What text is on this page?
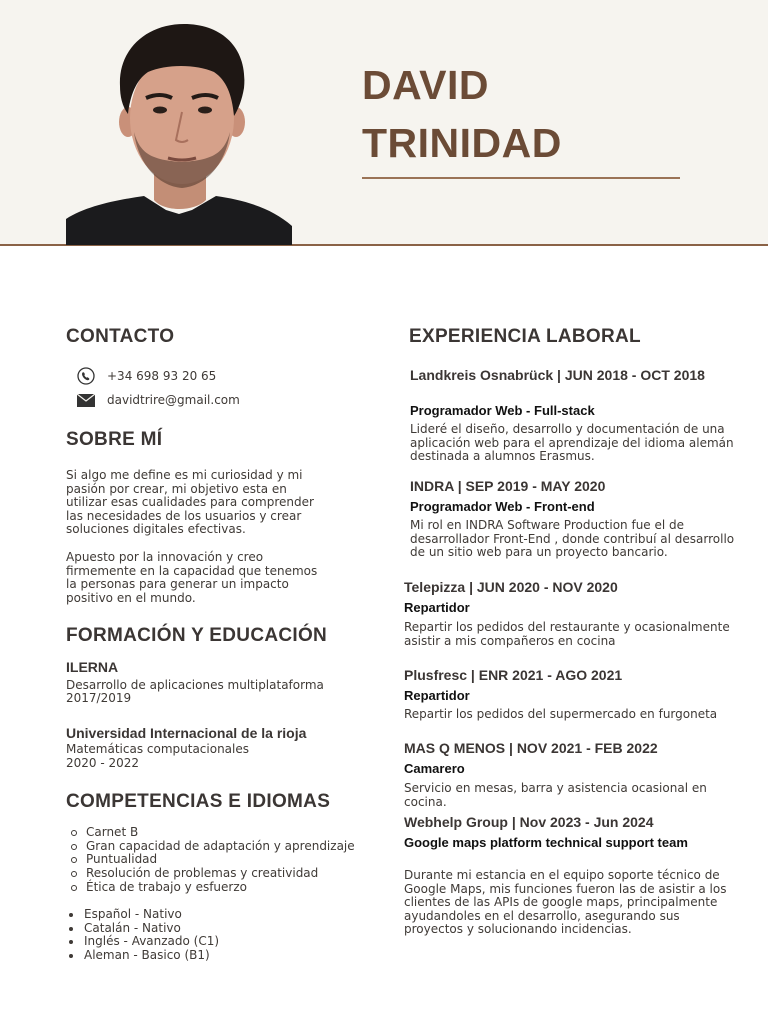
DAVID
TRINIDAD
CONTACTO
+34 698 93 20 65
davidtrire@gmail.com
SOBRE MÍ

Si algo me define es mi curiosidad y mi pasión por crear, mi objetivo esta en utilizar esas cualidades para comprender las necesidades de los usuarios y crear soluciones digitales efectivas.

Apuesto por la innovación y creo firmemente en la capacidad que tenemos la personas para generar un impacto positivo en el mundo.

FORMACIÓN Y EDUCACIÓN
ILERNA

Desarrollo de aplicaciones multiplataforma

2017/2019

Universidad Internacional de la rioja

Matemáticas computacionales

2020 - 2022

COMPETENCIAS E IDIOMAS
Carnet B
Gran capacidad de adaptación y aprendizaje
Puntualidad
Resolución de problemas y creatividad
Ética de trabajo y esfuerzo
Español - Nativo
Catalán - Nativo
Inglés - Avanzado (C1)
Aleman - Basico (B1)
EXPERIENCIA LABORAL
Landkreis Osnabrück | JUN 2018 - OCT 2018
Programador Web - Full-stack

Lideré el diseño, desarrollo y documentación de una aplicación web para el aprendizaje del idioma alemán destinada a alumnos Erasmus.

INDRA | SEP 2019 - MAY 2020
Programador Web - Front-end

Mi rol en INDRA Software Production fue el de desarrollador Front-End , donde contribuí al desarrollo de un sitio web para un proyecto bancario.

Telepizza | JUN 2020 - NOV 2020
Repartidor

Repartir los pedidos del restaurante y ocasionalmente asistir a mis compañeros en cocina

Plusfresc | ENR 2021 - AGO 2021
Repartidor

Repartir los pedidos del supermercado en furgoneta

MAS Q MENOS | NOV 2021 - FEB 2022
Camarero

Servicio en mesas, barra y asistencia ocasional en cocina.

Webhelp Group | Nov 2023 - Jun 2024
Google maps platform technical support team

Durante mi estancia en el equipo soporte técnico de Google Maps, mis funciones fueron las de asistir a los clientes de las APIs de google maps, principalmente ayudandoles en el desarrollo, asegurando sus proyectos y solucionando incidencias.
